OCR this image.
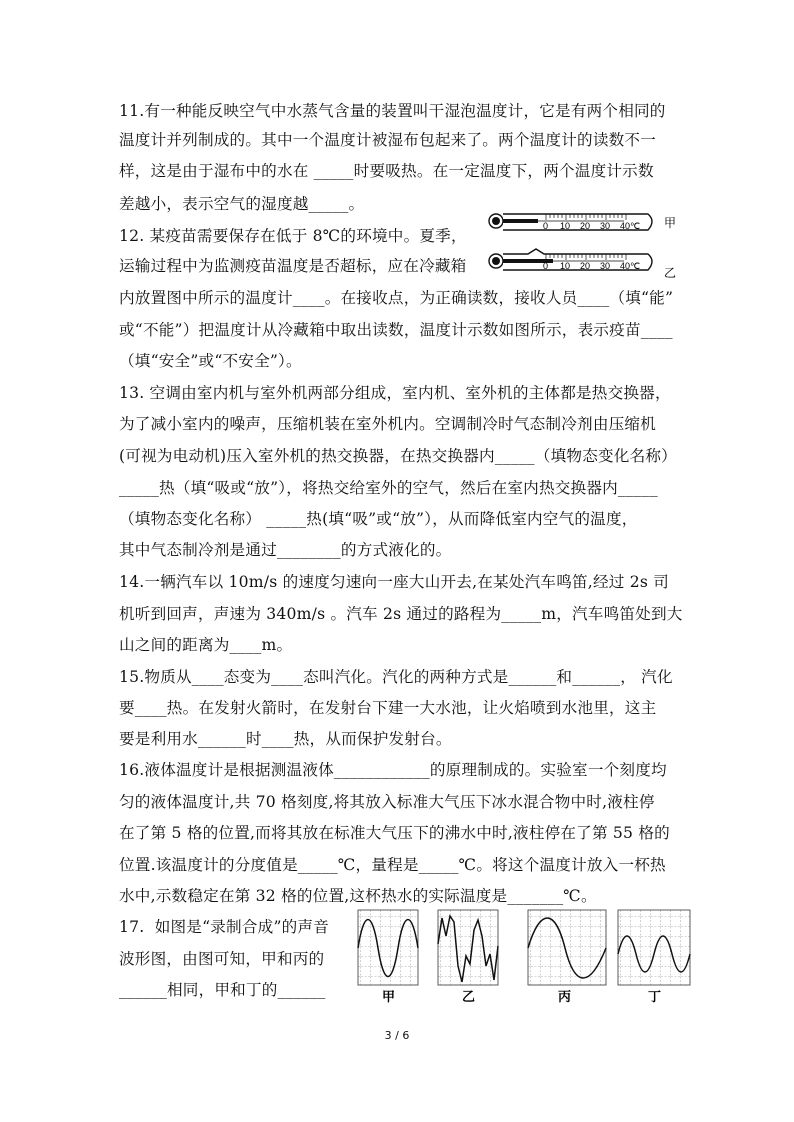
11.有一种能反映空气中水蒸气含量的装置叫干湿泡温度计，它是有两个相同的
温度计并列制成的。其中一个温度计被湿布包起来了。两个温度计的读数不一
样，这是由于湿布中的水在 _____时要吸热。在一定温度下，两个温度计示数
差越小，表示空气的湿度越_____。
12. 某疫苗需要保存在低于 8℃的环境中。夏季，
运输过程中为监测疫苗温度是否超标，应在冷藏箱
内放置图中所示的温度计____。在接收点，为正确读数，接收人员____（填“能”
或“不能”）把温度计从冷藏箱中取出读数，温度计示数如图所示，表示疫苗____
（填“安全”或“不安全”）。
13. 空调由室内机与室外机两部分组成，室内机、室外机的主体都是热交换器，
为了减小室内的噪声，压缩机装在室外机内。空调制冷时气态制冷剂由压缩机
(可视为电动机)压入室外机的热交换器，在热交换器内_____（填物态变化名称）
_____热（填“吸或“放”），将热交给室外的空气，然后在室内热交换器内_____
（填物态变化名称） _____热(填“吸”或“放”），从而降低室内空气的温度，
其中气态制冷剂是通过________的方式液化的。
14.一辆汽车以 10m/s 的速度匀速向一座大山开去,在某处汽车鸣笛,经过 2s 司
机听到回声，声速为 340m/s 。汽车 2s 通过的路程为_____m，汽车鸣笛处到大
山之间的距离为____m。
15.物质从____态变为____态叫汽化。汽化的两种方式是______和______， 汽化
要____热。在发射火箭时，在发射台下建一大水池，让火焰喷到水池里，这主
要是利用水______时____热，从而保护发射台。
16.液体温度计是根据测温液体____________的原理制成的。实验室一个刻度均
匀的液体温度计,共 70 格刻度,将其放入标准大气压下冰水混合物中时,液柱停
在了第 5 格的位置,而将其放在标准大气压下的沸水中时,液柱停在了第 55 格的
位置.该温度计的分度值是_____℃，量程是_____℃。将这个温度计放入一杯热
水中,示数稳定在第 32 格的位置,这杯热水的实际温度是_______℃。
17.  如图是“录制合成”的声音
波形图，由图可知，甲和丙的
______相同，甲和丁的______
0 10 20 30 40℃ 甲
0 10 20 30 40℃ 乙
甲	乙	丙	丁
3 / 6
